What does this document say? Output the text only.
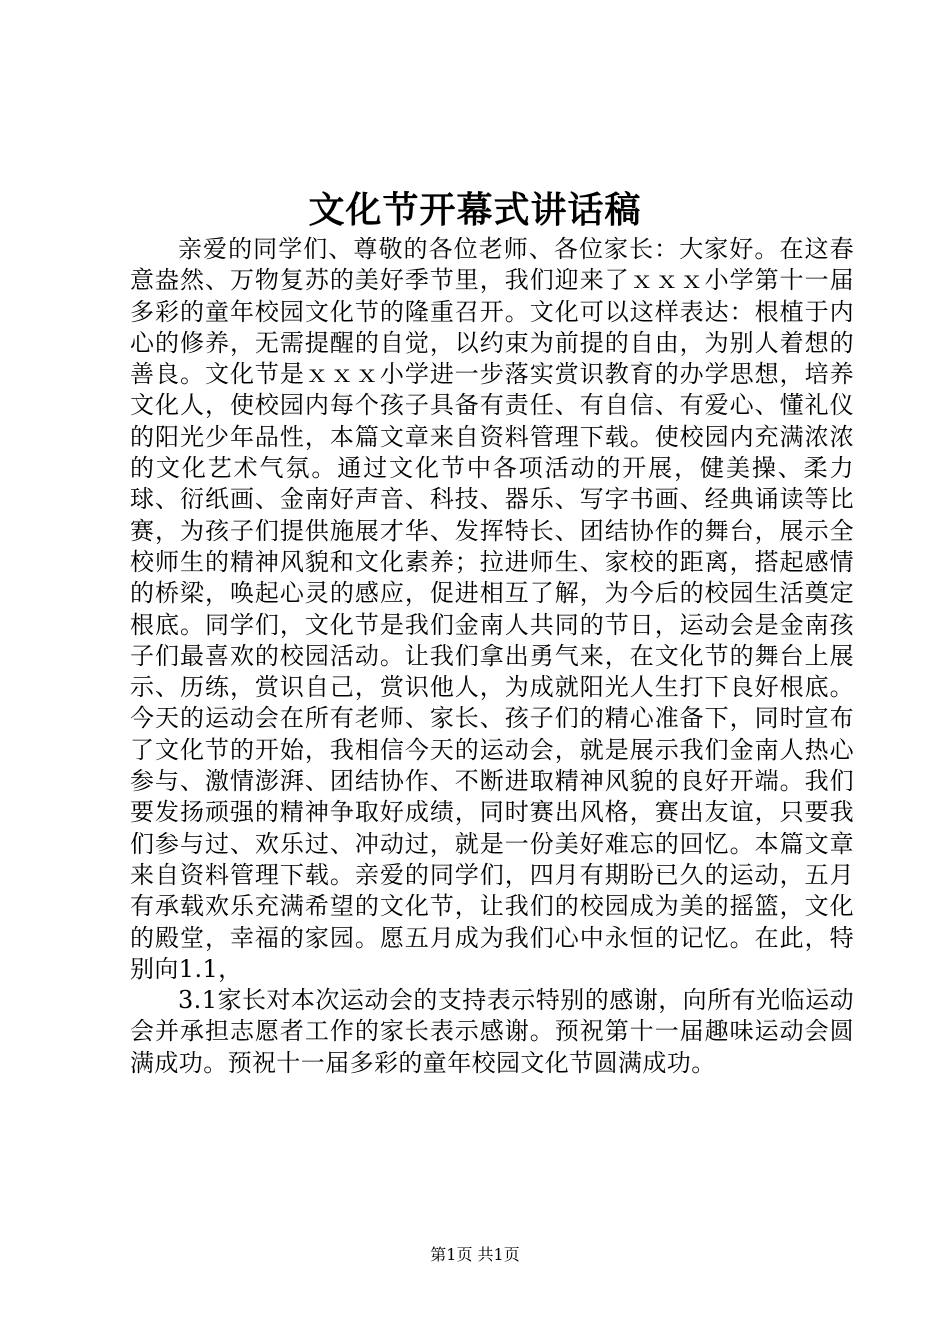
文化节开幕式讲话稿

亲爱的同学们、尊敬的各位老师、各位家长：大家好。在这春意盎然、万物复苏的美好季节里，我们迎来了ｘｘｘ小学第十一届多彩的童年校园文化节的隆重召开。文化可以这样表达：根植于内心的修养，无需提醒的自觉，以约束为前提的自由，为别人着想的善良。文化节是ｘｘｘ小学进一步落实赏识教育的办学思想，培养文化人，使校园内每个孩子具备有责任、有自信、有爱心、懂礼仪的阳光少年品性，本篇文章来自资料管理下载。使校园内充满浓浓的文化艺术气氛。通过文化节中各项活动的开展，健美操、柔力球、衍纸画、金南好声音、科技、器乐、写字书画、经典诵读等比赛，为孩子们提供施展才华、发挥特长、团结协作的舞台，展示全校师生的精神风貌和文化素养；拉进师生、家校的距离，搭起感情的桥梁，唤起心灵的感应，促进相互了解，为今后的校园生活奠定根底。同学们，文化节是我们金南人共同的节日，运动会是金南孩子们最喜欢的校园活动。让我们拿出勇气来，在文化节的舞台上展示、历练，赏识自己，赏识他人，为成就阳光人生打下良好根底。今天的运动会在所有老师、家长、孩子们的精心准备下，同时宣布了文化节的开始，我相信今天的运动会，就是展示我们金南人热心参与、激情澎湃、团结协作、不断进取精神风貌的良好开端。我们要发扬顽强的精神争取好成绩，同时赛出风格，赛出友谊，只要我们参与过、欢乐过、冲动过，就是一份美好难忘的回忆。本篇文章来自资料管理下载。亲爱的同学们，四月有期盼已久的运动，五月有承载欢乐充满希望的文化节，让我们的校园成为美的摇篮，文化的殿堂，幸福的家园。愿五月成为我们心中永恒的记忆。在此，特别向1.1，

3.1家长对本次运动会的支持表示特别的感谢，向所有光临运动会并承担志愿者工作的家长表示感谢。预祝第十一届趣味运动会圆满成功。预祝十一届多彩的童年校园文化节圆满成功。

第1页 共1页
